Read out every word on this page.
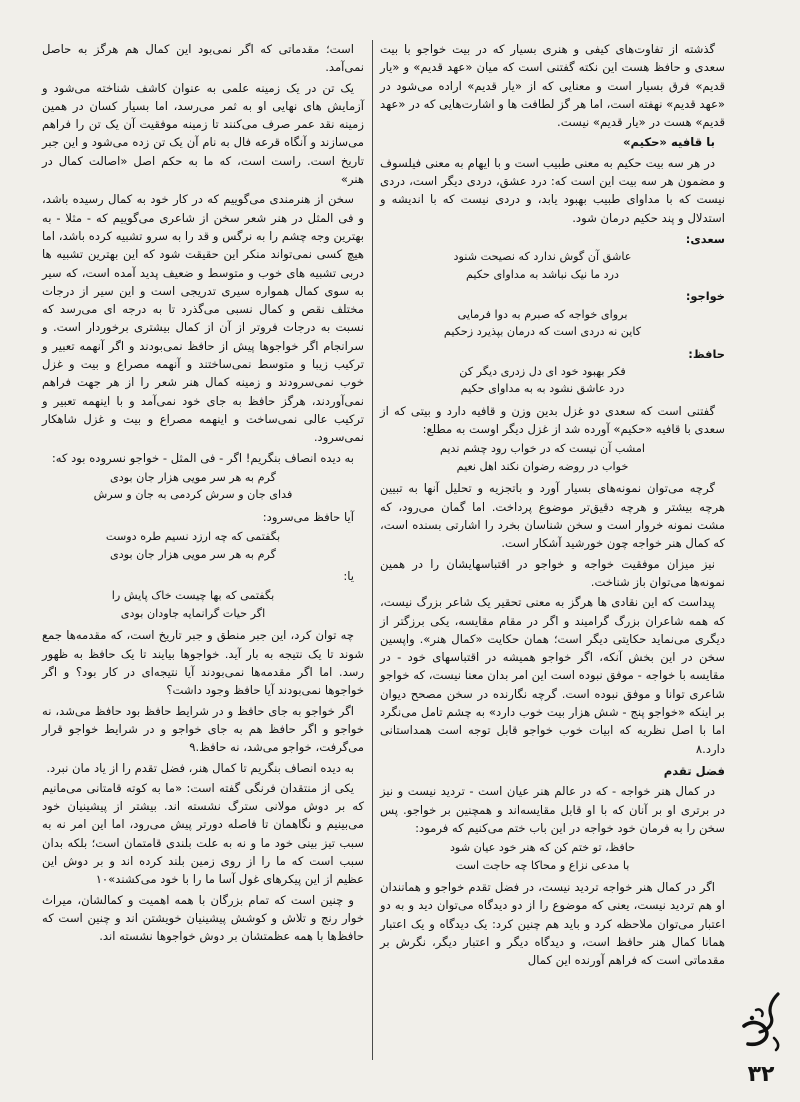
گذشته از تفاوت‌های کیفی و هنری بسیار که در بیت خواجو با بیت سعدی و حافظ هست این نکته گفتنی است که میان «عهد قدیم» و «یار قدیم» فرق بسیار است و معنایی که از «یار قدیم» اراده می‌شود در «عهد قدیم» نهفته است، اما هر گز لطافت ها و اشارت‌هایی که در «عهد قدیم» هست در «یار قدیم» نیست.

با قافیه «حکیم»

در هر سه بیت حکیم به معنی طبیب است و با ایهام به معنی فیلسوف و مضمون هر سه بیت این است که: درد عشق، دردی دیگر است، دردی نیست که با مداوای طبیب بهبود یابد، و دردی نیست که با اندیشه و استدلال و پند حکیم درمان شود.

سعدی:
عاشق آن گوش ندارد که نصیحت شنود
درد ما نیک نباشد به مداوای حکیم
خواجو:
بروای خواجه که صبرم به دوا فرمایی
کاین نه دردی است که درمان بپذیرد زحکیم
حافظ:
فکر بهبود خود ای دل زدری دیگر کن
درد عاشق نشود به به مداوای حکیم

گفتنی است که سعدی دو غزل بدین وزن و قافیه دارد و بیتی که از سعدی با قافیه «حکیم» آورده شد از غزل دیگر اوست به مطلع:

امشب آن نیست که در خواب رود چشم ندیم
خواب در روضه رضوان نکند اهل نعیم

گرچه می‌توان نمونه‌های بسیار آورد و باتجزیه و تحلیل آنها به تبیین هرچه بیشتر و هرچه دقیق‌تر موضوع پرداخت. اما گمان می‌رود، که مشت نمونه خروار است و سخن شناسان بخرد را اشارتی بسنده است، که کمال هنر خواجه چون خورشید آشکار است.

نیز میزان موفقیت خواجه و خواجو در اقتباسهایشان را در همین نمونه‌ها می‌توان باز شناخت.

پیداست که این نقادی ها هرگز به معنی تحقیر یک شاعر بزرگ نیست، که همه شاعران بزرگ گرامیند و اگر در مقام مقایسه، یکی برزگتر از دیگری می‌نماید حکایتی دیگر است؛ همان حکایت «کمال هنر». واپسین سخن در این بخش آنکه، اگر خواجو همیشه در اقتباسهای خود - در مقایسه با خواجه - موفق نبوده است این امر بدان معنا نیست، که خواجو شاعری توانا و موفق نبوده است. گرچه نگارنده در سخن مصحح دیوان بر اینکه «خواجو پنج - شش هزار بیت خوب دارد» به چشم تامل می‌نگرد اما با اصل نظریه که ابیات خوب خواجو قابل توجه است همداستانی دارد.۸

فضل تقدم

در کمال هنر خواجه - که در عالم هنر عیان است - تردید نیست و نیز در برتری او بر آنان که با او قابل مقایسه‌اند و همچنین بر خواجو. پس سخن را به فرمان خود خواجه در این باب ختم می‌کنیم که فرمود:

حافظ، تو ختم کن که هنر خود عیان شود
با مدعی نزاع و محاکا چه حاجت است

اگر در کمال هنر خواجه تردید نیست، در فضل تقدم خواجو و همانندان او هم تردید نیست، یعنی که موضوع را از دو دیدگاه می‌توان دید و به دو اعتبار می‌توان ملاحظه کرد و باید هم چنین کرد: یک دیدگاه و یک اعتبار همانا کمال هنر حافظ است، و دیدگاه دیگر و اعتبار دیگر، نگرش بر مقدماتی است که فراهم آورنده این کمال

است؛ مقدماتی که اگر نمی‌بود این کمال هم هرگز به حاصل نمی‌آمد.

یک تن در یک زمینه علمی به عنوان کاشف شناخته می‌شود و آزمایش های نهایی او به ثمر می‌رسد، اما بسیار کسان در همین زمینه نقد عمر صرف می‌کنند تا زمینه موفقیت آن یک تن را فراهم می‌سازند و آنگاه قرعه فال به نام آن یک تن زده می‌شود و این جبر تاریخ است. راست است، که ما به حکم اصل «اصالت کمال در هنر»

سخن از هنرمندی می‌گوییم که در کار خود به کمال رسیده باشد، و فی المثل در هنر شعر سخن از شاعری می‌گوییم که - مثلا - به بهترین وجه چشم را به نرگس و قد را به سرو تشبیه کرده باشد، اما هیچ کسی نمی‌تواند منکر این حقیقت شود که این بهترین تشبیه ها دربی تشبیه های خوب و متوسط و ضعیف پدید آمده است، که سیر به سوی کمال همواره سیری تدریجی است و این سیر از درجات مختلف نقص و کمال نسبی می‌گذرد تا به درجه ای می‌رسد که نسبت به درجات فروتر از آن از کمال بیشتری برخوردار است. و سرانجام اگر خواجوها پیش از حافظ نمی‌بودند و اگر آنهمه تعبیر و ترکیب زیبا و متوسط نمی‌ساختند و آنهمه مصراع و بیت و غزل خوب نمی‌سرودند و زمینه کمال هنر شعر را از هر جهت فراهم نمی‌آوردند، هرگز حافظ به جای خود نمی‌آمد و با اینهمه تعبیر و ترکیب عالی نمی‌ساخت و اینهمه مصراع و بیت و غزل شاهکار نمی‌سرود.

به دیده انصاف بنگریم! اگر - فی المثل - خواجو نسروده بود که:

گرم به هر سر مویی هزار جان بودی
فدای جان و سرش کردمی به جان و سرش

آیا حافظ می‌سرود:

بگفتمی که چه ارزد نسیم طره دوست
گرم به هر سر مویی هزار جان بودی

یا:

بگفتمی که بها چیست خاک پایش را
اگر حیات گرانمایه جاودان بودی

چه توان کرد، این جبر منطق و جبر تاریخ است، که مقدمه‌ها جمع شوند تا یک نتیجه به بار آید. خواجوها بیایند تا یک حافظ به ظهور رسد. اما اگر مقدمه‌ها نمی‌بودند آیا نتیجه‌ای در کار بود؟ و اگر خواجوها نمی‌بودند آیا حافظ وجود داشت؟

اگر خواجو به جای حافظ و در شرایط حافظ بود حافظ می‌شد، نه خواجو و اگر حافظ هم به جای خواجو و در شرایط خواجو قرار می‌گرفت، خواجو می‌شد، نه حافظ.۹

به دیده انصاف بنگریم تا کمال هنر، فضل تقدم را از یاد مان نبرد.

یکی از منتقدان فرنگی گفته است: «ما به کوته قامتانی می‌مانیم که بر دوش مولانی سترگ نشسته اند. بیشتر از پیشینیان خود می‌بینیم و نگاهمان تا فاصله دورتر پیش می‌رود، اما این امر نه به سبب تیز بینی خود ما و نه به علت بلندی قامتمان است؛ بلکه بدان سبب است که ما را از روی زمین بلند کرده اند و بر دوش این عظیم از این پیکرهای غول آسا ما را با خود می‌کشند»۱۰

و چنین است که تمام بزرگان با همه اهمیت و کمالشان، میراث خوار رنج و تلاش و کوشش پیشینیان خویشتن اند و چنین است که حافظ‌ها با همه عظمتشان بر دوش خواجوها نشسته اند.

۳۲
